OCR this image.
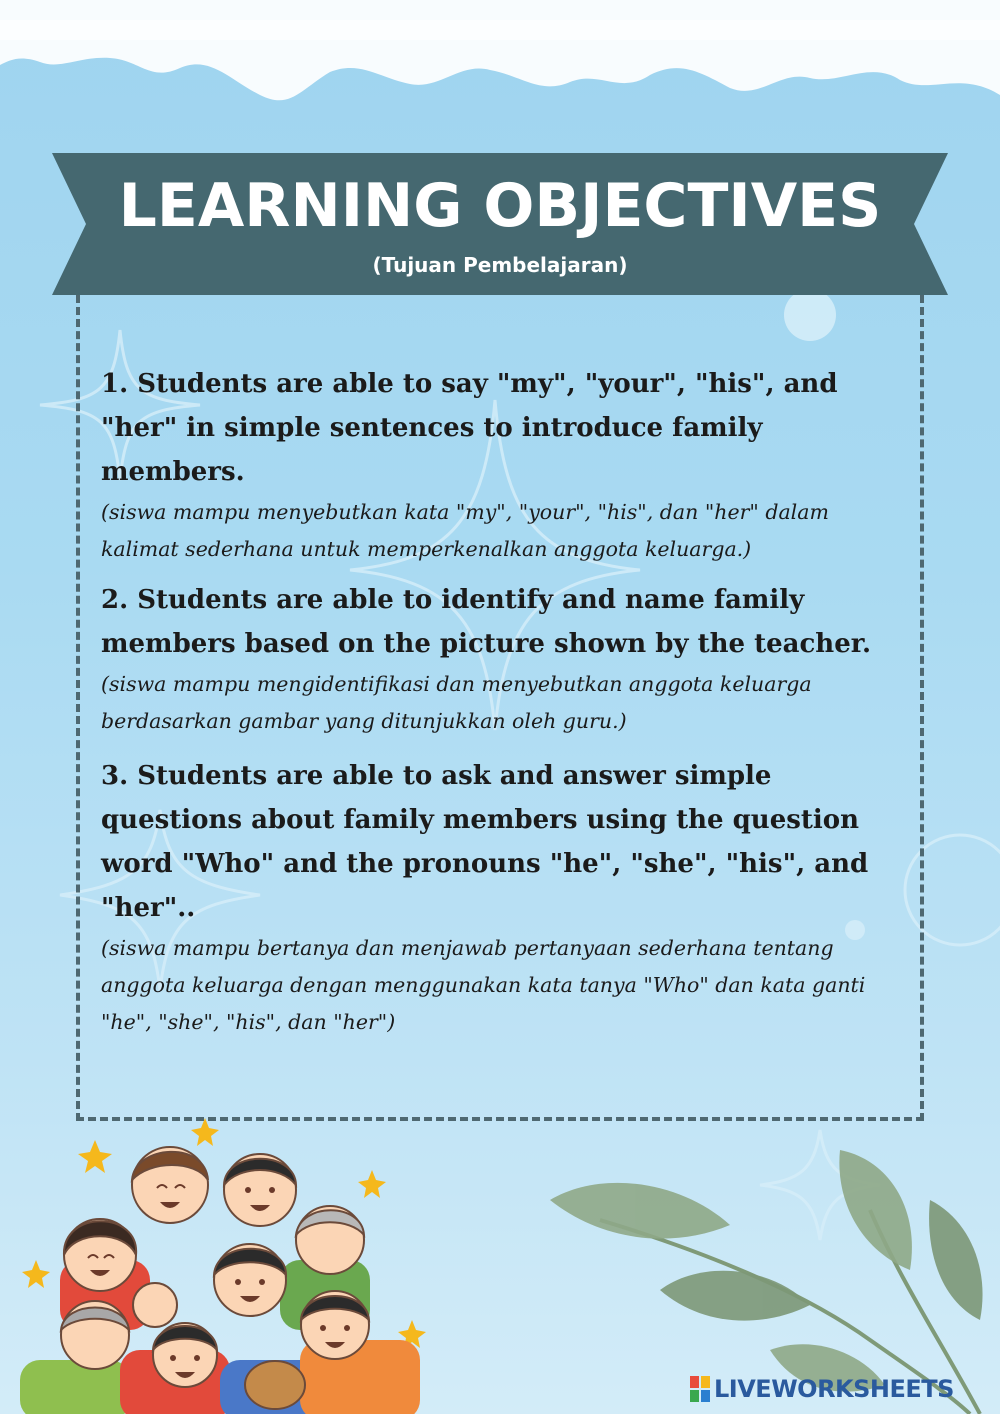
LEARNING OBJECTIVES
(Tujuan Pembelajaran)

1. Students are able to say "my", "your", "his", and "her" in simple sentences to introduce family members.

(siswa mampu menyebutkan kata "my", "your", "his", dan "her" dalam kalimat sederhana untuk memperkenalkan anggota keluarga.)

2. Students are able to identify and name family members based on the picture shown by the teacher.

(siswa mampu mengidentifikasi dan menyebutkan anggota keluarga berdasarkan gambar yang ditunjukkan oleh guru.)

3. Students are able to ask and answer simple questions about family members using the question word "Who" and the pronouns "he", "she", "his", and "her"..

(siswa mampu bertanya dan menjawab pertanyaan sederhana tentang anggota keluarga dengan menggunakan kata tanya "Who" dan kata ganti "he", "she", "his", dan "her")

LIVEWORKSHEETS
